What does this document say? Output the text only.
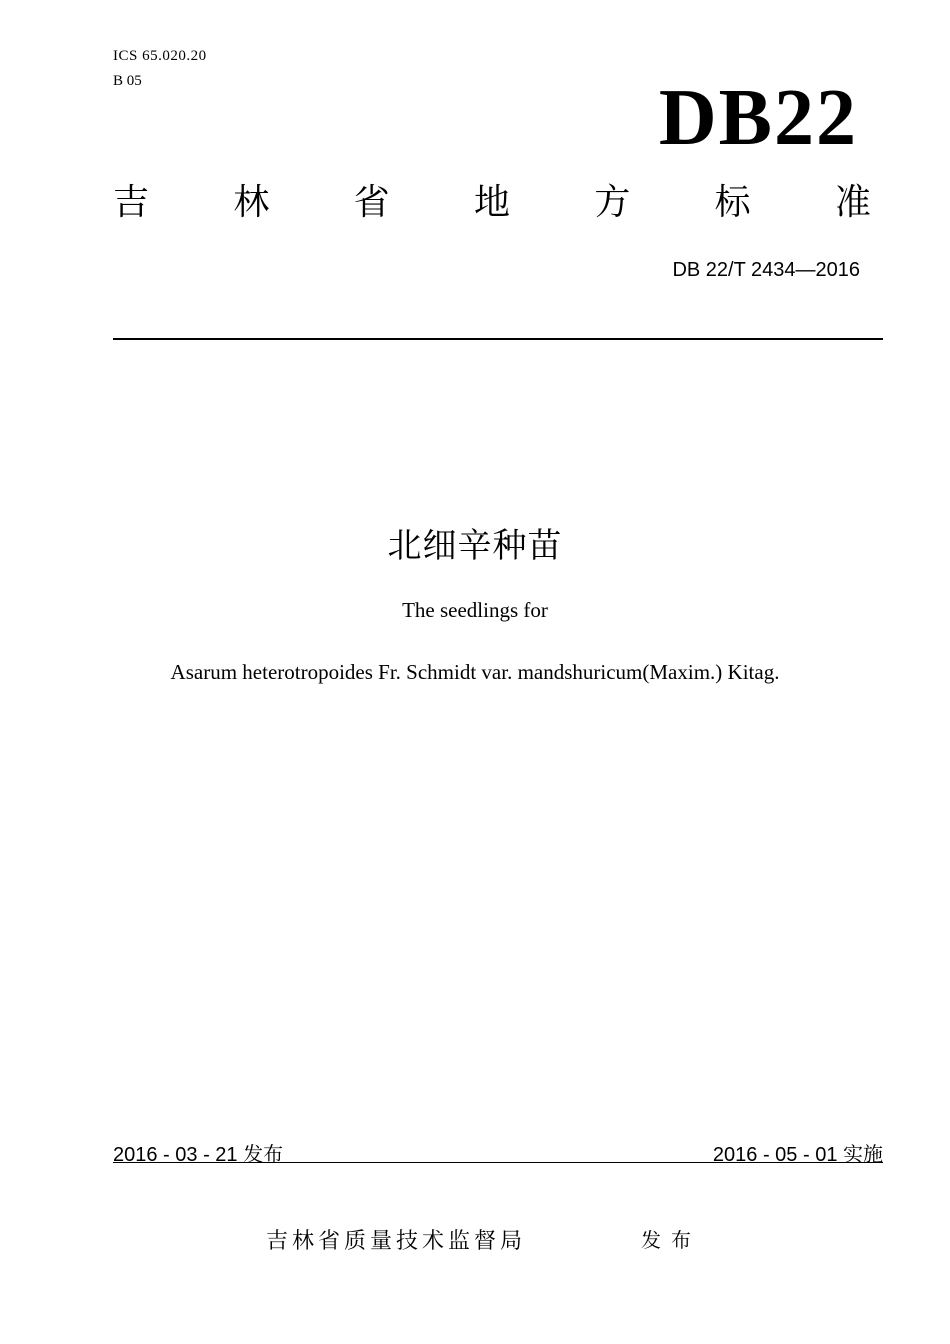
ICS 65.020.20
B 05	DB22
吉 林 省 地 方 标 准
DB 22/T 2434—2016
北细辛种苗
The seedlings for
Asarum heterotropoides Fr. Schmidt var. mandshuricum(Maxim.) Kitag.
2016 - 03 - 21 发布	2016 - 05 - 01 实施
吉林省质量技术监督局	发布
